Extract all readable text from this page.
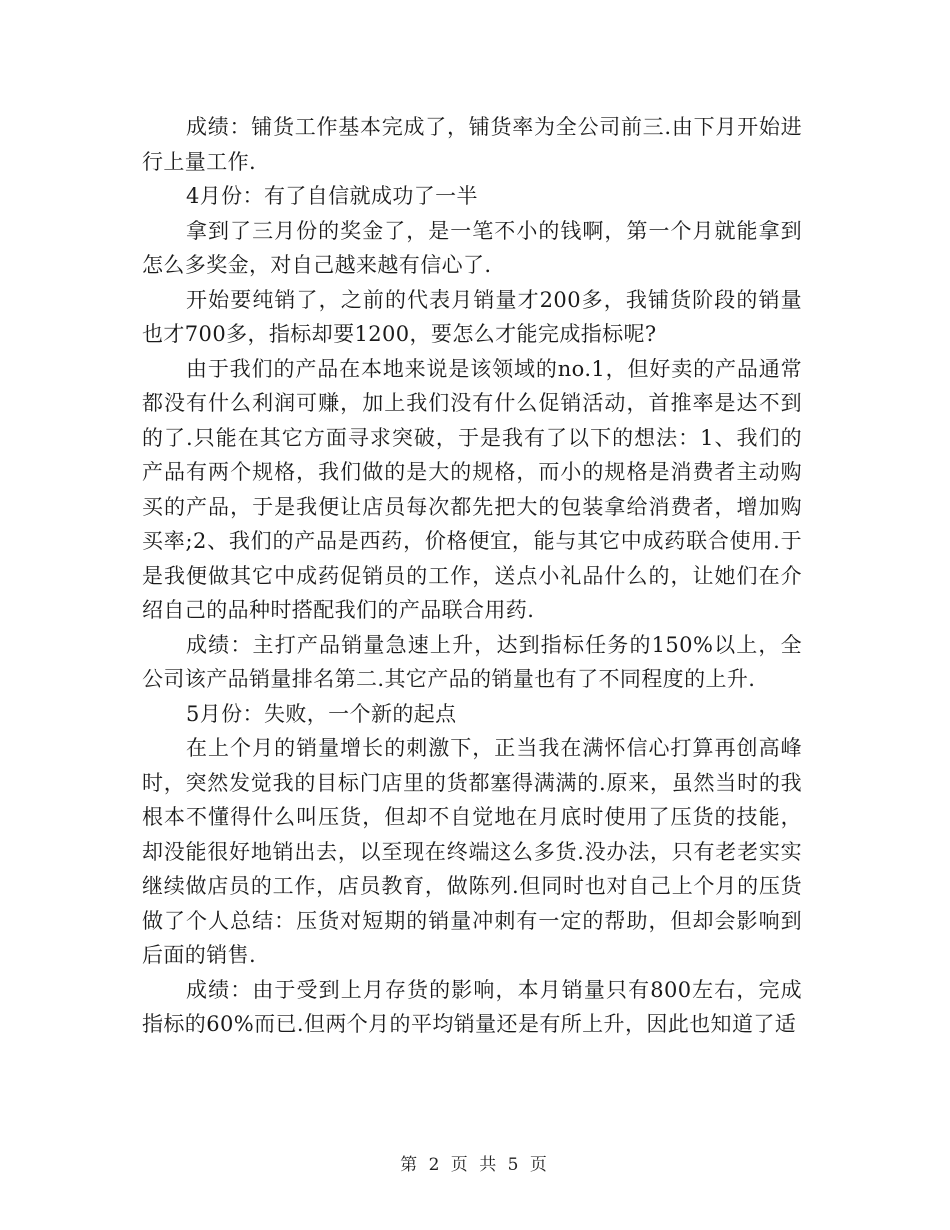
成绩：铺货工作基本完成了，铺货率为全公司前三.由下月开始进行上量工作.

4月份：有了自信就成功了一半

拿到了三月份的奖金了，是一笔不小的钱啊，第一个月就能拿到怎么多奖金，对自己越来越有信心了.

开始要纯销了，之前的代表月销量才200多，我铺货阶段的销量也才700多，指标却要1200，要怎么才能完成指标呢?

由于我们的产品在本地来说是该领域的no.1，但好卖的产品通常都没有什么利润可赚，加上我们没有什么促销活动，首推率是达不到的了.只能在其它方面寻求突破，于是我有了以下的想法：1、我们的产品有两个规格，我们做的是大的规格，而小的规格是消费者主动购买的产品，于是我便让店员每次都先把大的包装拿给消费者，增加购买率;2、我们的产品是西药，价格便宜，能与其它中成药联合使用.于是我便做其它中成药促销员的工作，送点小礼品什么的，让她们在介绍自己的品种时搭配我们的产品联合用药.

成绩：主打产品销量急速上升，达到指标任务的150%以上，全公司该产品销量排名第二.其它产品的销量也有了不同程度的上升.

5月份：失败，一个新的起点

在上个月的销量增长的刺激下，正当我在满怀信心打算再创高峰时，突然发觉我的目标门店里的货都塞得满满的.原来，虽然当时的我根本不懂得什么叫压货，但却不自觉地在月底时使用了压货的技能，却没能很好地销出去，以至现在终端这么多货.没办法，只有老老实实继续做店员的工作，店员教育，做陈列.但同时也对自己上个月的压货做了个人总结：压货对短期的销量冲刺有一定的帮助，但却会影响到后面的销售.

成绩：由于受到上月存货的影响，本月销量只有800左右，完成指标的60%而已.但两个月的平均销量还是有所上升，因此也知道了适

第 2 页 共 5 页
